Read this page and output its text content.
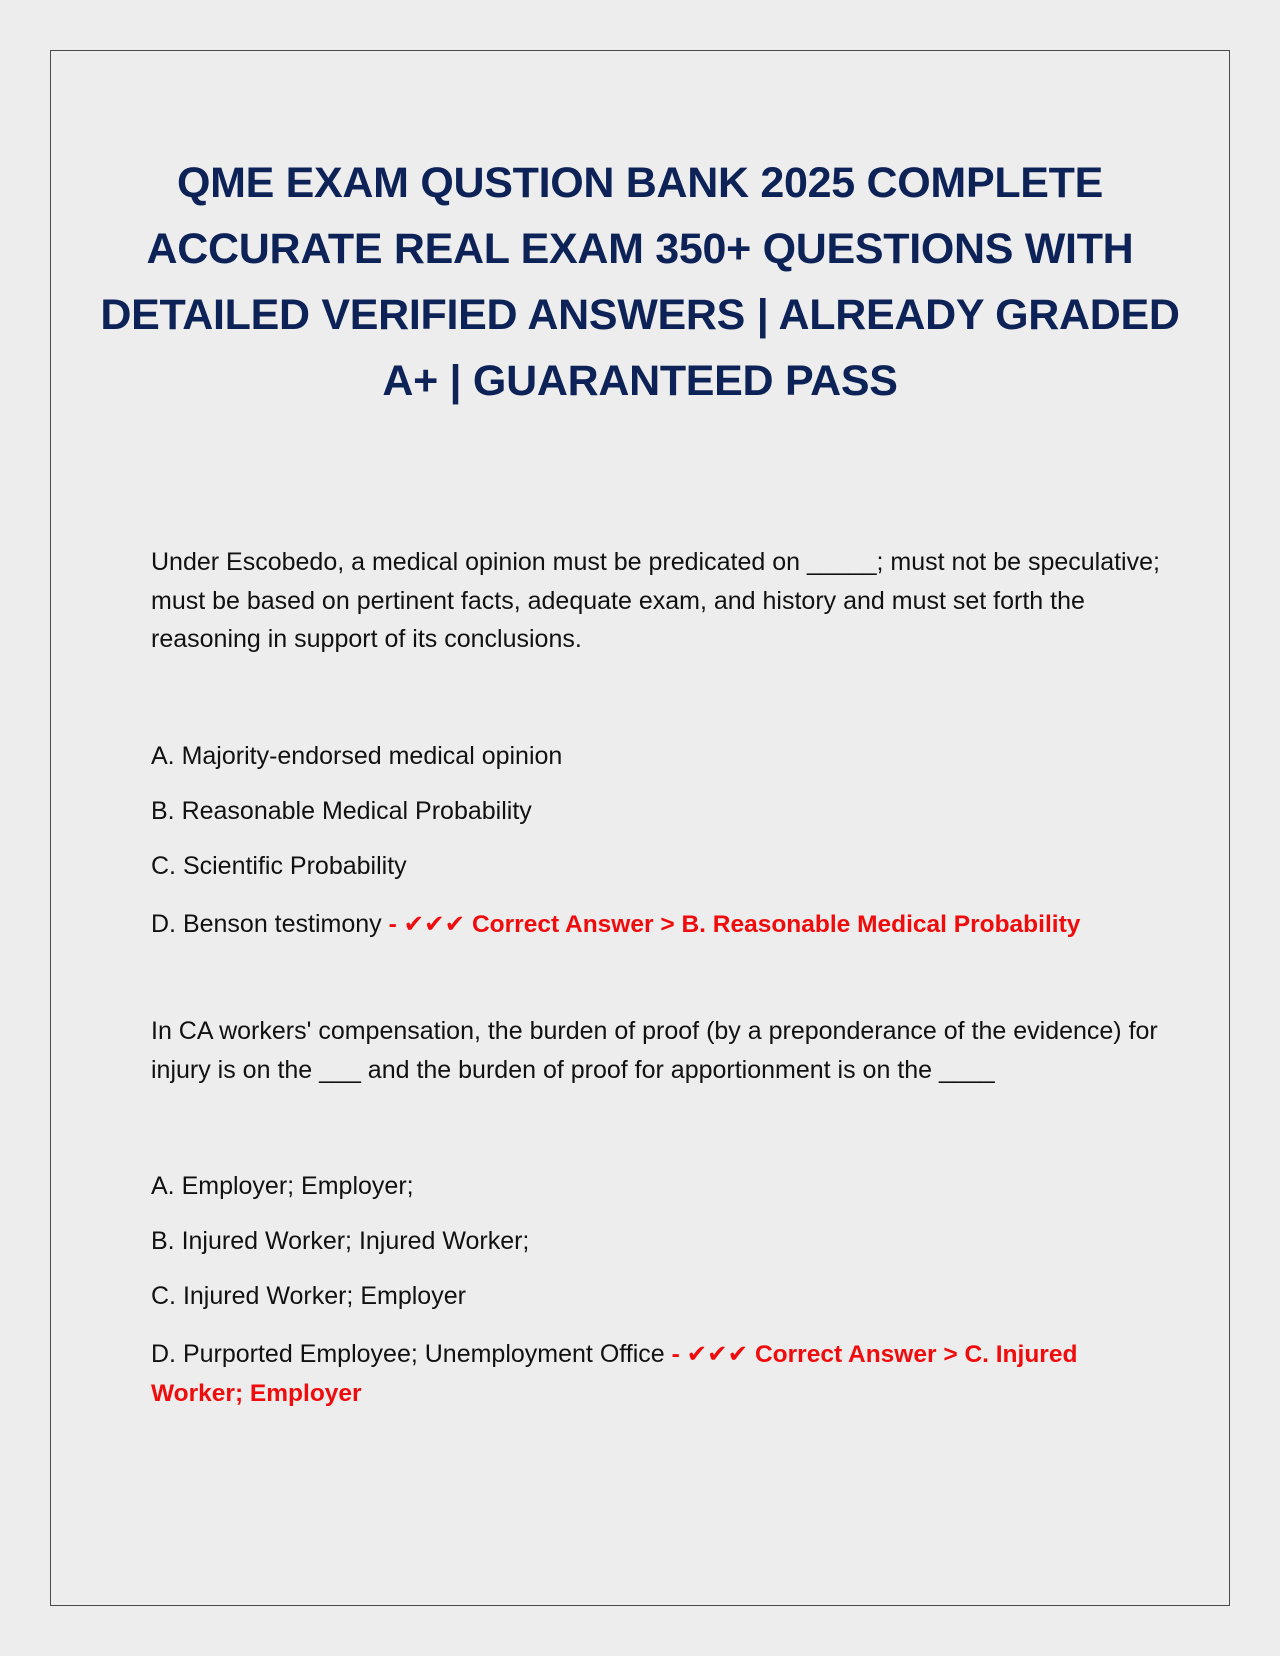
QME EXAM QUSTION BANK 2025 COMPLETE ACCURATE REAL EXAM 350+ QUESTIONS WITH DETAILED VERIFIED ANSWERS | ALREADY GRADED A+ | GUARANTEED PASS

Under Escobedo, a medical opinion must be predicated on _____; must not be speculative; must be based on pertinent facts, adequate exam, and history and must set forth the reasoning in support of its conclusions.

A. Majority-endorsed medical opinion

B. Reasonable Medical Probability

C. Scientific Probability

D. Benson testimony - ✔✔✔ Correct Answer > B. Reasonable Medical Probability

In CA workers' compensation, the burden of proof (by a preponderance of the evidence) for injury is on the ___ and the burden of proof for apportionment is on the ____

A. Employer; Employer;

B. Injured Worker; Injured Worker;

C. Injured Worker; Employer

D. Purported Employee; Unemployment Office - ✔✔✔ Correct Answer > C. Injured Worker; Employer
